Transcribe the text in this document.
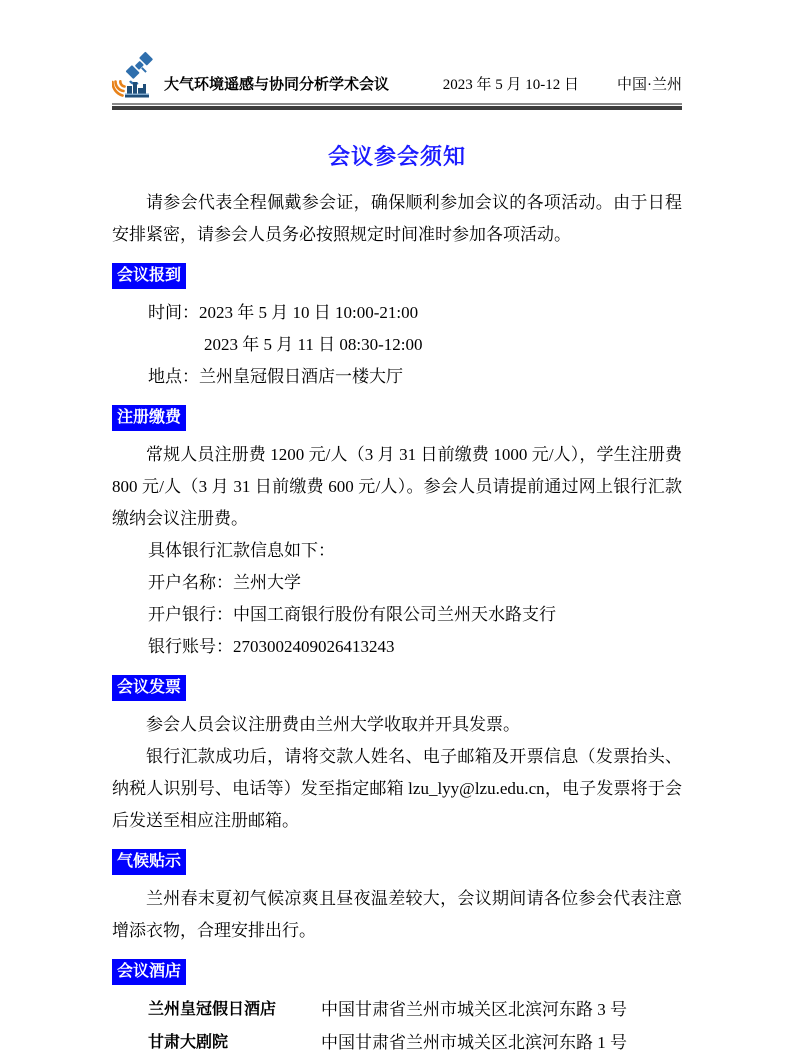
大气环境遥感与协同分析学术会议	2023 年 5 月 10-12 日	中国·兰州
会议参会须知

请参会代表全程佩戴参会证，确保顺利参加会议的各项活动。由于日程安排紧密，请参会人员务必按照规定时间准时参加各项活动。

会议报到
时间：2023 年 5 月 10 日 10:00-21:00
2023 年 5 月 11 日 08:30-12:00
地点：兰州皇冠假日酒店一楼大厅
注册缴费

常规人员注册费 1200 元/人（3 月 31 日前缴费 1000 元/人），学生注册费 800 元/人（3 月 31 日前缴费 600 元/人）。参会人员请提前通过网上银行汇款缴纳会议注册费。

具体银行汇款信息如下：
开户名称：兰州大学
开户银行：中国工商银行股份有限公司兰州天水路支行
银行账号：2703002409026413243
会议发票

参会人员会议注册费由兰州大学收取并开具发票。

银行汇款成功后，请将交款人姓名、电子邮箱及开票信息（发票抬头、纳税人识别号、电话等）发至指定邮箱 lzu_lyy@lzu.edu.cn，电子发票将于会后发送至相应注册邮箱。

气候贴示

兰州春末夏初气候凉爽且昼夜温差较大，会议期间请各位参会代表注意增添衣物，合理安排出行。

会议酒店
兰州皇冠假日酒店	中国甘肃省兰州市城关区北滨河东路 3 号
甘肃大剧院	中国甘肃省兰州市城关区北滨河东路 1 号
